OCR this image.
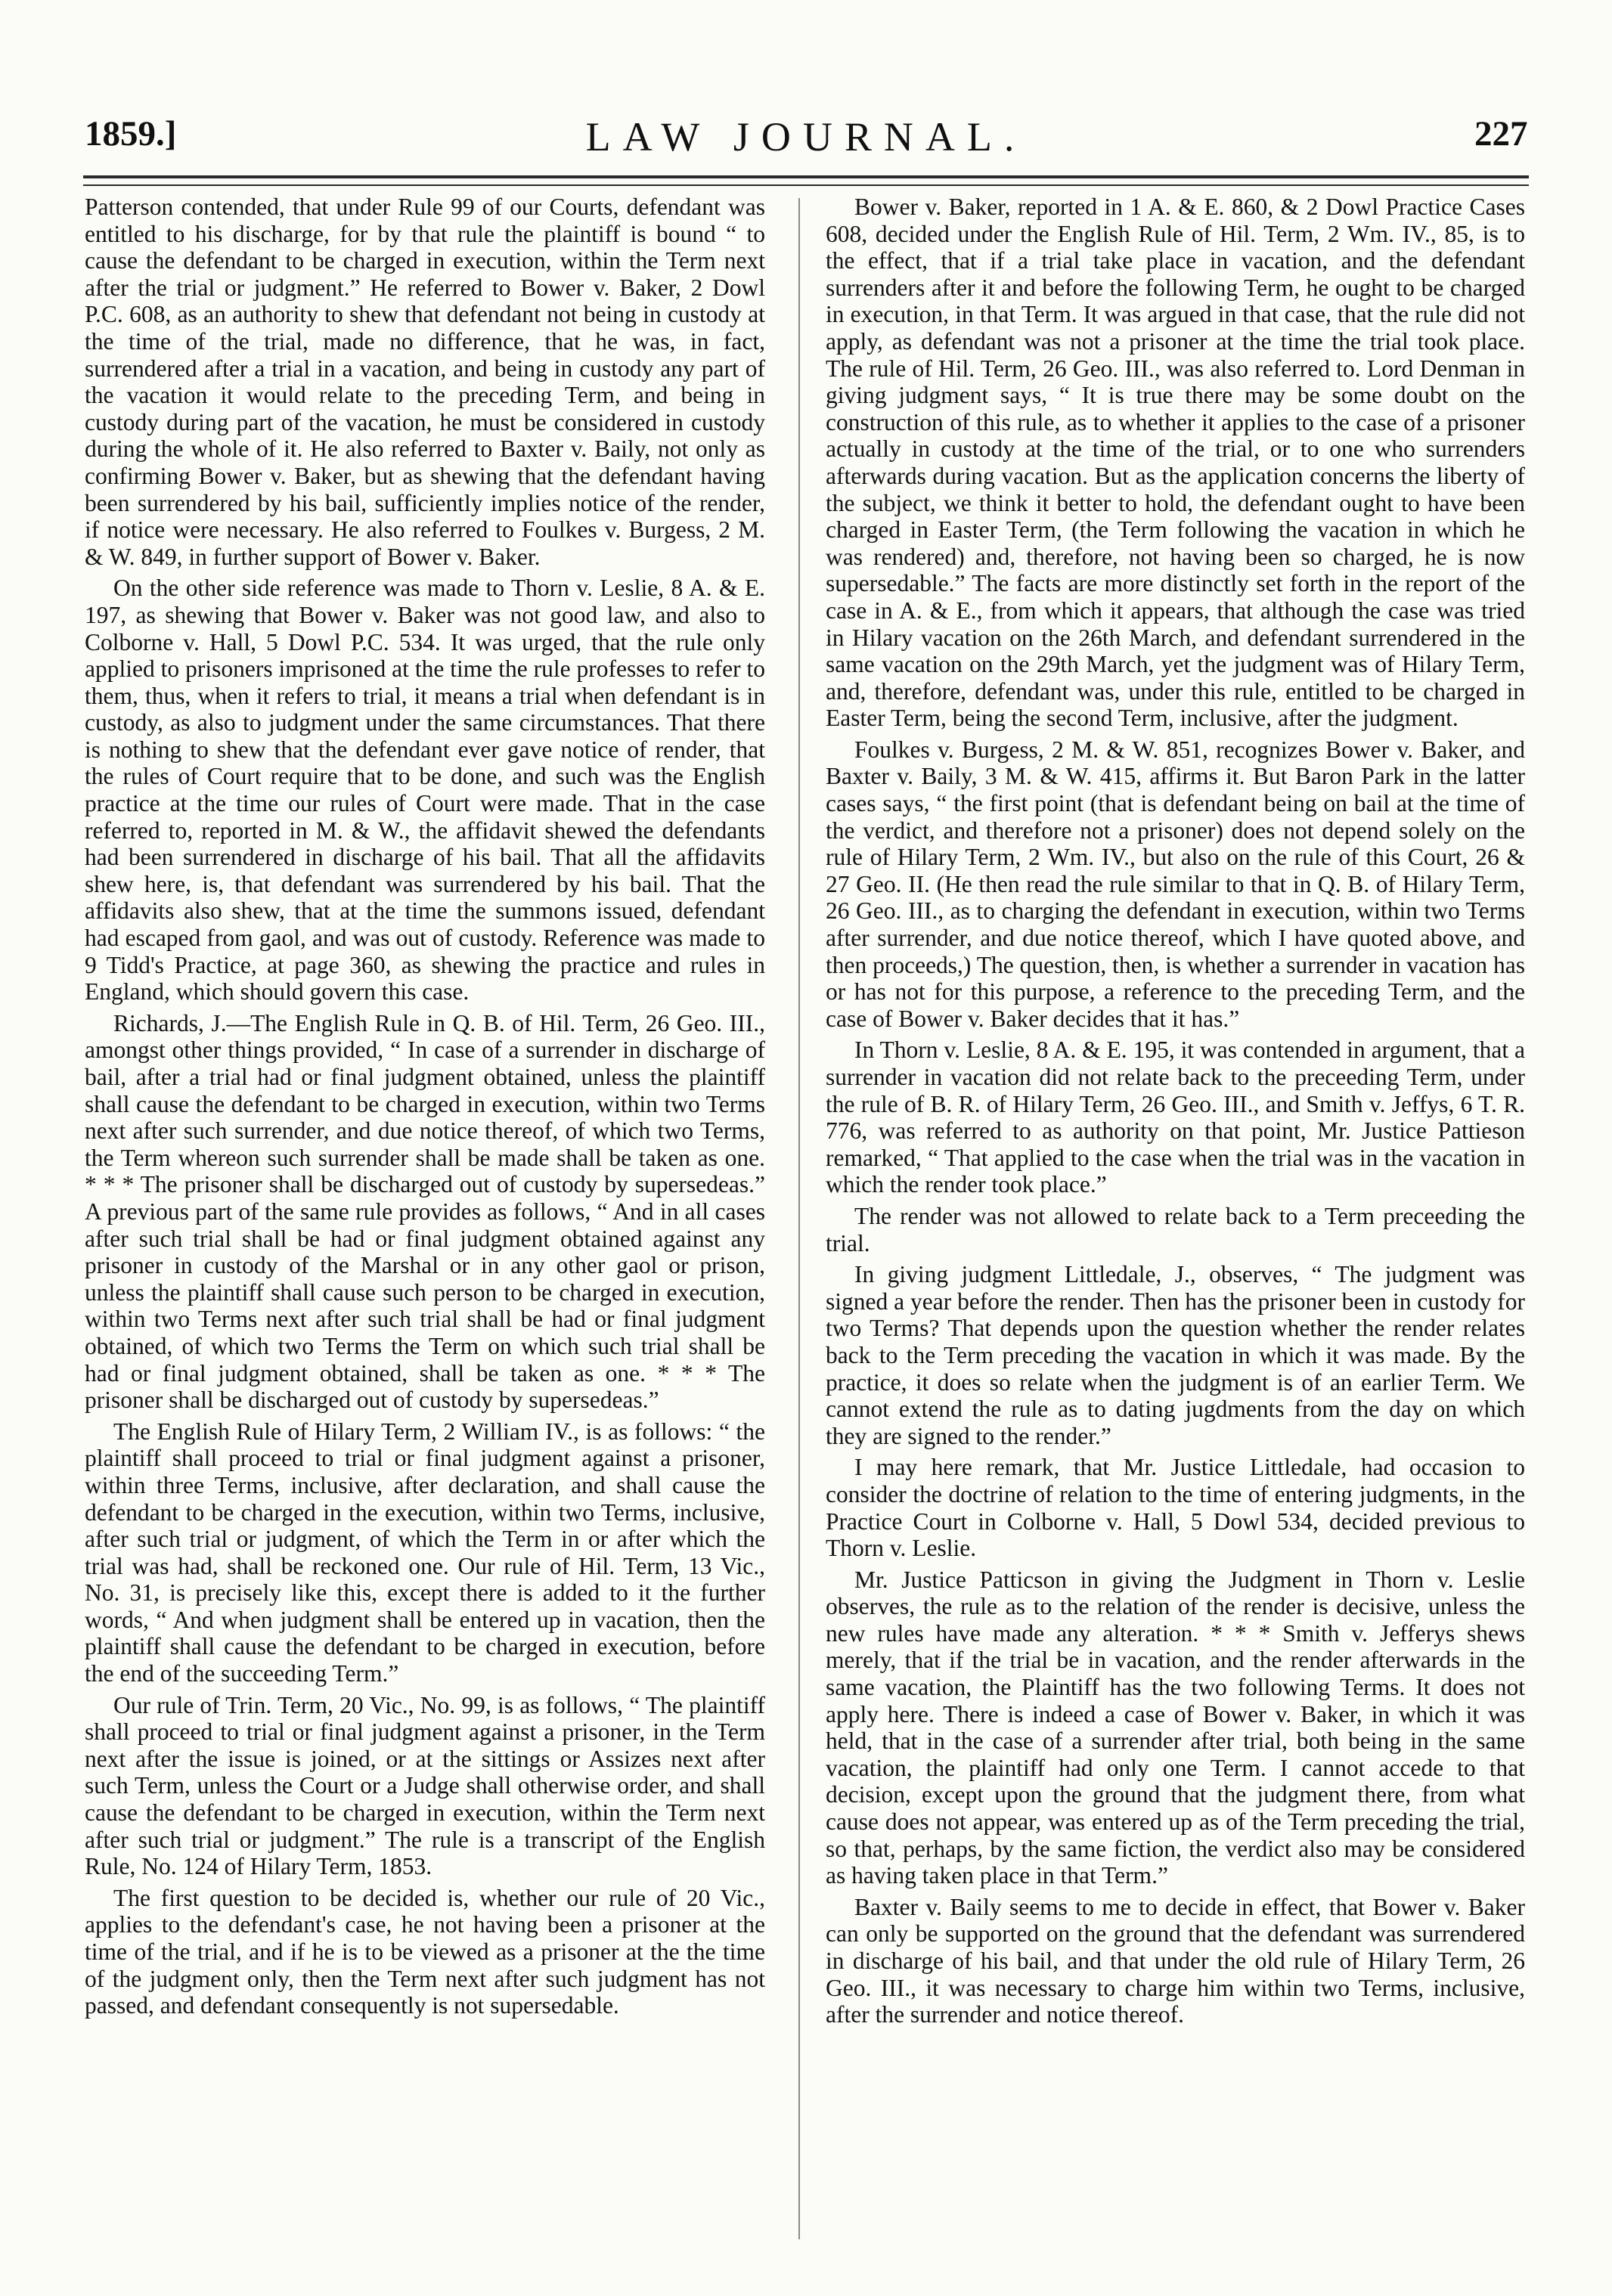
1859.]	LAW JOURNAL.	227

Patterson contended, that under Rule 99 of our Courts, defendant was entitled to his discharge, for by that rule the plaintiff is bound “ to cause the defendant to be charged in execution, within the Term next after the trial or judgment.” He referred to Bower v. Baker, 2 Dowl P.C. 608, as an authority to shew that defendant not being in custody at the time of the trial, made no difference, that he was, in fact, surrendered after a trial in a vacation, and being in custody any part of the vacation it would relate to the preceding Term, and being in custody during part of the vacation, he must be considered in custody during the whole of it. He also referred to Baxter v. Baily, not only as confirming Bower v. Baker, but as shewing that the defendant having been surrendered by his bail, sufficiently implies notice of the render, if notice were necessary. He also referred to Foulkes v. Burgess, 2 M. & W. 849, in further support of Bower v. Baker.

On the other side reference was made to Thorn v. Leslie, 8 A. & E. 197, as shewing that Bower v. Baker was not good law, and also to Colborne v. Hall, 5 Dowl P.C. 534. It was urged, that the rule only applied to prisoners imprisoned at the time the rule professes to refer to them, thus, when it refers to trial, it means a trial when defendant is in custody, as also to judgment under the same circumstances. That there is nothing to shew that the defendant ever gave notice of render, that the rules of Court require that to be done, and such was the English practice at the time our rules of Court were made. That in the case referred to, reported in M. & W., the affidavit shewed the defendants had been surrendered in discharge of his bail. That all the affidavits shew here, is, that defendant was surrendered by his bail. That the affidavits also shew, that at the time the summons issued, defendant had escaped from gaol, and was out of custody. Reference was made to 9 Tidd's Practice, at page 360, as shewing the practice and rules in England, which should govern this case.

Richards, J.—The English Rule in Q. B. of Hil. Term, 26 Geo. III., amongst other things provided, “ In case of a surrender in discharge of bail, after a trial had or final judgment obtained, unless the plaintiff shall cause the defendant to be charged in execution, within two Terms next after such surrender, and due notice thereof, of which two Terms, the Term whereon such surrender shall be made shall be taken as one. * * * The prisoner shall be discharged out of custody by supersedeas.” A previous part of the same rule provides as follows, “ And in all cases after such trial shall be had or final judgment obtained against any prisoner in custody of the Marshal or in any other gaol or prison, unless the plaintiff shall cause such person to be charged in execution, within two Terms next after such trial shall be had or final judgment obtained, of which two Terms the Term on which such trial shall be had or final judgment obtained, shall be taken as one. * * * The prisoner shall be discharged out of custody by supersedeas.”

The English Rule of Hilary Term, 2 William IV., is as follows: “ the plaintiff shall proceed to trial or final judgment against a prisoner, within three Terms, inclusive, after declaration, and shall cause the defendant to be charged in the execution, within two Terms, inclusive, after such trial or judgment, of which the Term in or after which the trial was had, shall be reckoned one. Our rule of Hil. Term, 13 Vic., No. 31, is precisely like this, except there is added to it the further words, “ And when judgment shall be entered up in vacation, then the plaintiff shall cause the defendant to be charged in execution, before the end of the succeeding Term.”

Our rule of Trin. Term, 20 Vic., No. 99, is as follows, “ The plaintiff shall proceed to trial or final judgment against a prisoner, in the Term next after the issue is joined, or at the sittings or Assizes next after such Term, unless the Court or a Judge shall otherwise order, and shall cause the defendant to be charged in execution, within the Term next after such trial or judgment.” The rule is a transcript of the English Rule, No. 124 of Hilary Term, 1853.

The first question to be decided is, whether our rule of 20 Vic., applies to the defendant's case, he not having been a prisoner at the time of the trial, and if he is to be viewed as a prisoner at the the time of the judgment only, then the Term next after such judgment has not passed, and defendant consequently is not supersedable.

Bower v. Baker, reported in 1 A. & E. 860, & 2 Dowl Practice Cases 608, decided under the English Rule of Hil. Term, 2 Wm. IV., 85, is to the effect, that if a trial take place in vacation, and the defendant surrenders after it and before the following Term, he ought to be charged in execution, in that Term. It was argued in that case, that the rule did not apply, as defendant was not a prisoner at the time the trial took place. The rule of Hil. Term, 26 Geo. III., was also referred to. Lord Denman in giving judgment says, “ It is true there may be some doubt on the construction of this rule, as to whether it applies to the case of a prisoner actually in custody at the time of the trial, or to one who surrenders afterwards during vacation. But as the application concerns the liberty of the subject, we think it better to hold, the defendant ought to have been charged in Easter Term, (the Term following the vacation in which he was rendered) and, therefore, not having been so charged, he is now supersedable.” The facts are more distinctly set forth in the report of the case in A. & E., from which it appears, that although the case was tried in Hilary vacation on the 26th March, and defendant surrendered in the same vacation on the 29th March, yet the judgment was of Hilary Term, and, therefore, defendant was, under this rule, entitled to be charged in Easter Term, being the second Term, inclusive, after the judgment.

Foulkes v. Burgess, 2 M. & W. 851, recognizes Bower v. Baker, and Baxter v. Baily, 3 M. & W. 415, affirms it. But Baron Park in the latter cases says, “ the first point (that is defendant being on bail at the time of the verdict, and therefore not a prisoner) does not depend solely on the rule of Hilary Term, 2 Wm. IV., but also on the rule of this Court, 26 & 27 Geo. II. (He then read the rule similar to that in Q. B. of Hilary Term, 26 Geo. III., as to charging the defendant in execution, within two Terms after surrender, and due notice thereof, which I have quoted above, and then proceeds,) The question, then, is whether a surrender in vacation has or has not for this purpose, a reference to the preceding Term, and the case of Bower v. Baker decides that it has.”

In Thorn v. Leslie, 8 A. & E. 195, it was contended in argument, that a surrender in vacation did not relate back to the preceeding Term, under the rule of B. R. of Hilary Term, 26 Geo. III., and Smith v. Jeffys, 6 T. R. 776, was referred to as authority on that point, Mr. Justice Pattieson remarked, “ That applied to the case when the trial was in the vacation in which the render took place.”

The render was not allowed to relate back to a Term preceeding the trial.

In giving judgment Littledale, J., observes, “ The judgment was signed a year before the render. Then has the prisoner been in custody for two Terms? That depends upon the question whether the render relates back to the Term preceding the vacation in which it was made. By the practice, it does so relate when the judgment is of an earlier Term. We cannot extend the rule as to dating jugdments from the day on which they are signed to the render.”

I may here remark, that Mr. Justice Littledale, had occasion to consider the doctrine of relation to the time of entering judgments, in the Practice Court in Colborne v. Hall, 5 Dowl 534, decided previous to Thorn v. Leslie.

Mr. Justice Patticson in giving the Judgment in Thorn v. Leslie observes, the rule as to the relation of the render is decisive, unless the new rules have made any alteration. * * * Smith v. Jefferys shews merely, that if the trial be in vacation, and the render afterwards in the same vacation, the Plaintiff has the two following Terms. It does not apply here. There is indeed a case of Bower v. Baker, in which it was held, that in the case of a surrender after trial, both being in the same vacation, the plaintiff had only one Term. I cannot accede to that decision, except upon the ground that the judgment there, from what cause does not appear, was entered up as of the Term preceding the trial, so that, perhaps, by the same fiction, the verdict also may be considered as having taken place in that Term.”

Baxter v. Baily seems to me to decide in effect, that Bower v. Baker can only be supported on the ground that the defendant was surrendered in discharge of his bail, and that under the old rule of Hilary Term, 26 Geo. III., it was necessary to charge him within two Terms, inclusive, after the surrender and notice thereof.
